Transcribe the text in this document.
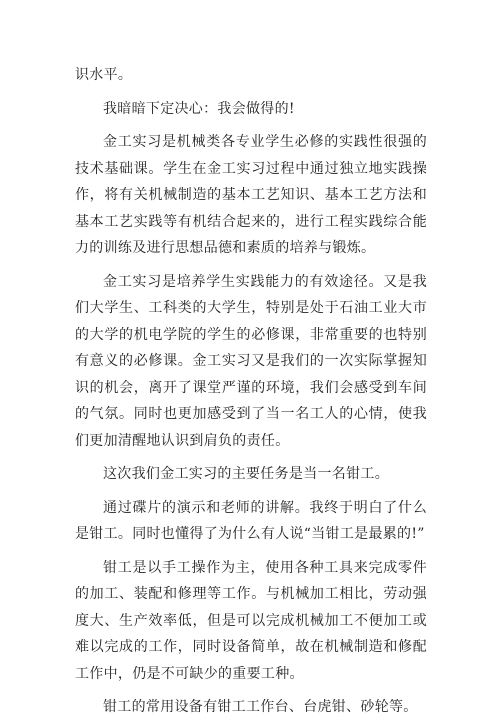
识水平。

我暗暗下定决心：我会做得的!

金工实习是机械类各专业学生必修的实践性很强的技术基础课。学生在金工实习过程中通过独立地实践操作，将有关机械制造的基本工艺知识、基本工艺方法和基本工艺实践等有机结合起来的，进行工程实践综合能力的训练及进行思想品德和素质的培养与锻炼。

金工实习是培养学生实践能力的有效途径。又是我们大学生、工科类的大学生，特别是处于石油工业大市的大学的机电学院的学生的必修课，非常重要的也特别有意义的必修课。金工实习又是我们的一次实际掌握知识的机会，离开了课堂严谨的环境，我们会感受到车间的气氛。同时也更加感受到了当一名工人的心情，使我们更加清醒地认识到肩负的责任。

这次我们金工实习的主要任务是当一名钳工。

通过碟片的演示和老师的讲解。我终于明白了什么是钳工。同时也懂得了为什么有人说“当钳工是最累的!”

钳工是以手工操作为主，使用各种工具来完成零件的加工、装配和修理等工作。与机械加工相比，劳动强度大、生产效率低，但是可以完成机械加工不便加工或难以完成的工作，同时设备简单，故在机械制造和修配工作中，仍是不可缺少的重要工种。

钳工的常用设备有钳工工作台、台虎钳、砂轮等。
